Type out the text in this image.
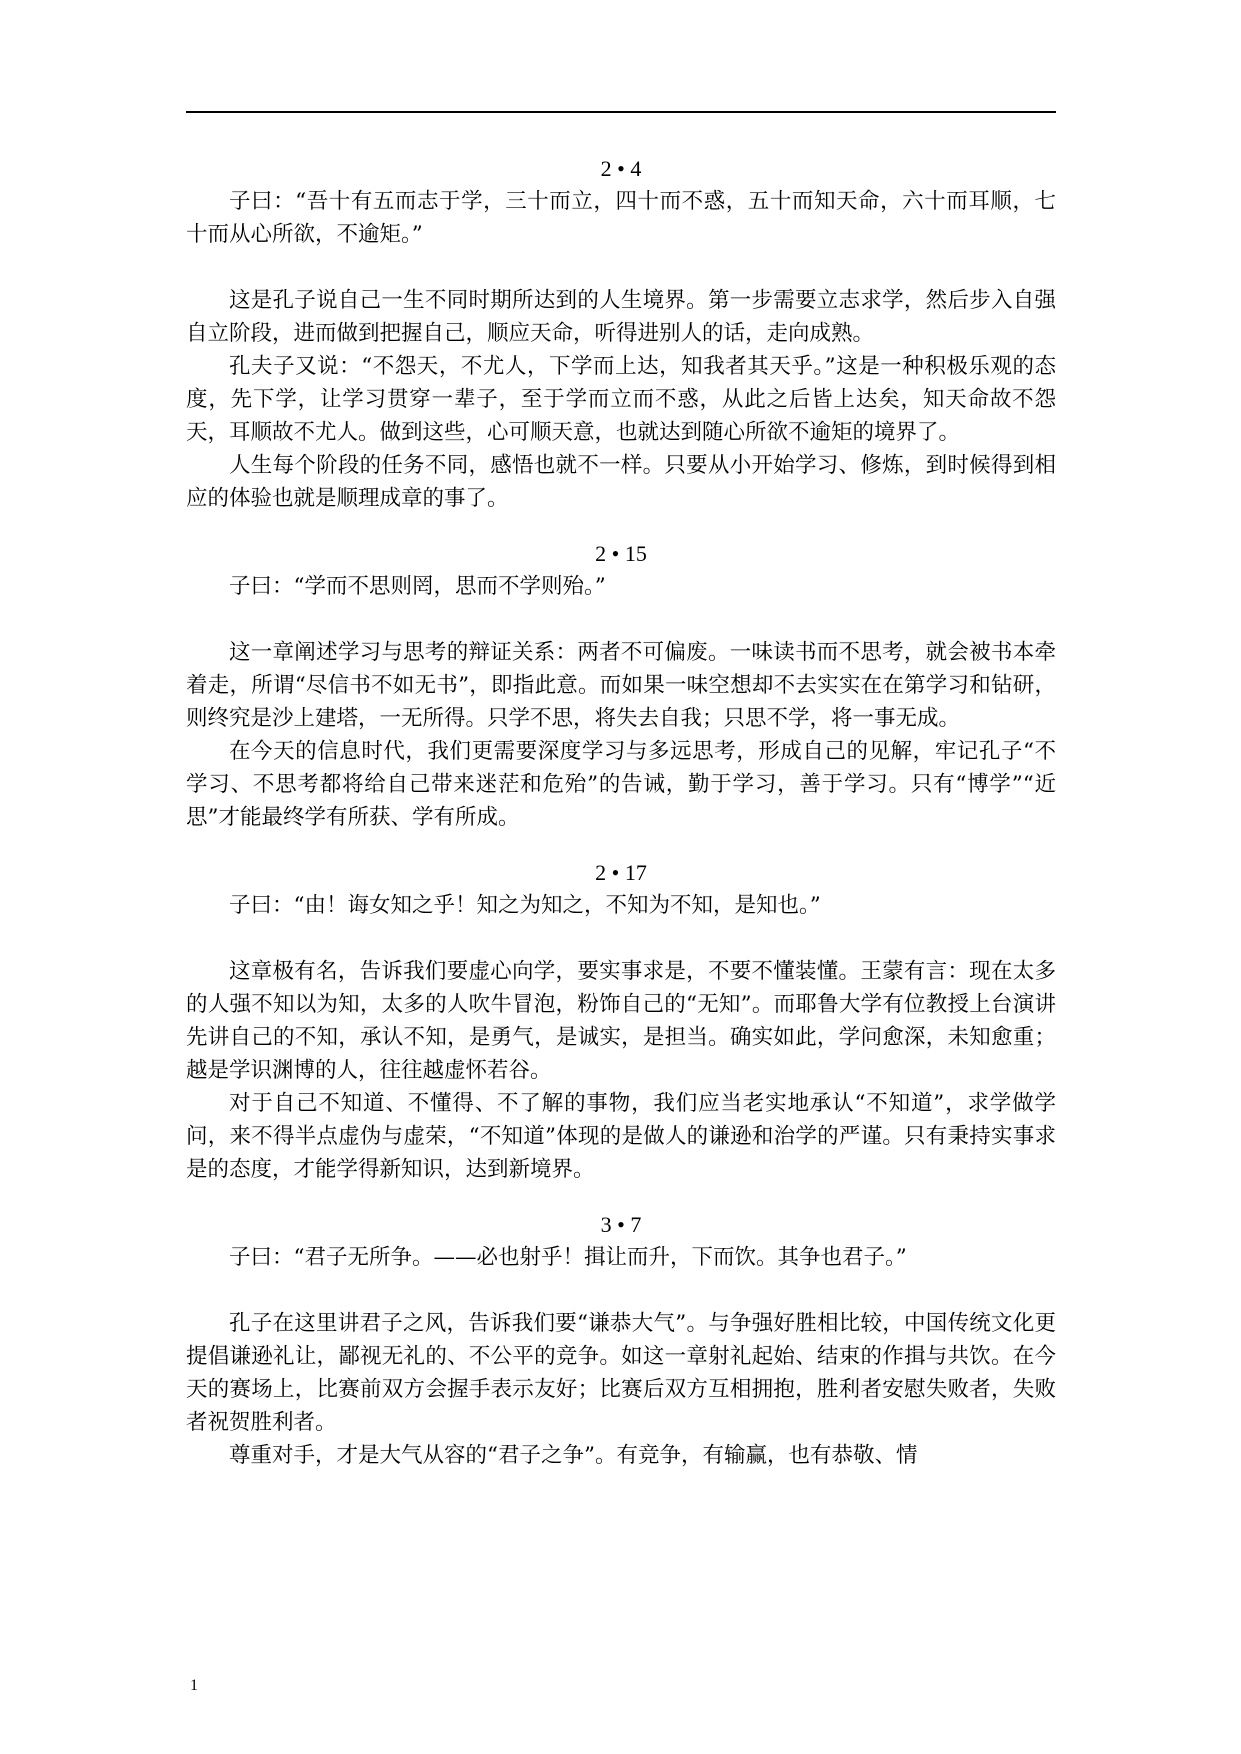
2 • 4

子曰：“吾十有五而志于学，三十而立，四十而不惑，五十而知天命，六十而耳顺，七十而从心所欲，不逾矩。”

这是孔子说自己一生不同时期所达到的人生境界。第一步需要立志求学，然后步入自强自立阶段，进而做到把握自己，顺应天命，听得进别人的话，走向成熟。

孔夫子又说：“不怨天，不尤人，下学而上达，知我者其天乎。”这是一种积极乐观的态度，先下学，让学习贯穿一辈子，至于学而立而不惑，从此之后皆上达矣，知天命故不怨天，耳顺故不尤人。做到这些，心可顺天意，也就达到随心所欲不逾矩的境界了。

人生每个阶段的任务不同，感悟也就不一样。只要从小开始学习、修炼，到时候得到相应的体验也就是顺理成章的事了。

2 • 15

子曰：“学而不思则罔，思而不学则殆。”

这一章阐述学习与思考的辩证关系：两者不可偏废。一味读书而不思考，就会被书本牵着走，所谓“尽信书不如无书”，即指此意。而如果一味空想却不去实实在在第学习和钻研，则终究是沙上建塔，一无所得。只学不思，将失去自我；只思不学，将一事无成。

在今天的信息时代，我们更需要深度学习与多远思考，形成自己的见解，牢记孔子“不学习、不思考都将给自己带来迷茫和危殆”的告诫，勤于学习，善于学习。只有“博学”“近思”才能最终学有所获、学有所成。

2 • 17

子曰：“由！诲女知之乎！知之为知之，不知为不知，是知也。”

这章极有名，告诉我们要虚心向学，要实事求是，不要不懂装懂。王蒙有言：现在太多的人强不知以为知，太多的人吹牛冒泡，粉饰自己的“无知”。而耶鲁大学有位教授上台演讲先讲自己的不知，承认不知，是勇气，是诚实，是担当。确实如此，学问愈深，未知愈重；越是学识渊博的人，往往越虚怀若谷。

对于自己不知道、不懂得、不了解的事物，我们应当老实地承认“不知道”，求学做学问，来不得半点虚伪与虚荣，“不知道”体现的是做人的谦逊和治学的严谨。只有秉持实事求是的态度，才能学得新知识，达到新境界。

3 • 7

子曰：“君子无所争。——必也射乎！揖让而升，下而饮。其争也君子。”

孔子在这里讲君子之风，告诉我们要“谦恭大气”。与争强好胜相比较，中国传统文化更提倡谦逊礼让，鄙视无礼的、不公平的竞争。如这一章射礼起始、结束的作揖与共饮。在今天的赛场上，比赛前双方会握手表示友好；比赛后双方互相拥抱，胜利者安慰失败者，失败者祝贺胜利者。

尊重对手，才是大气从容的“君子之争”。有竞争，有输赢，也有恭敬、情

1
